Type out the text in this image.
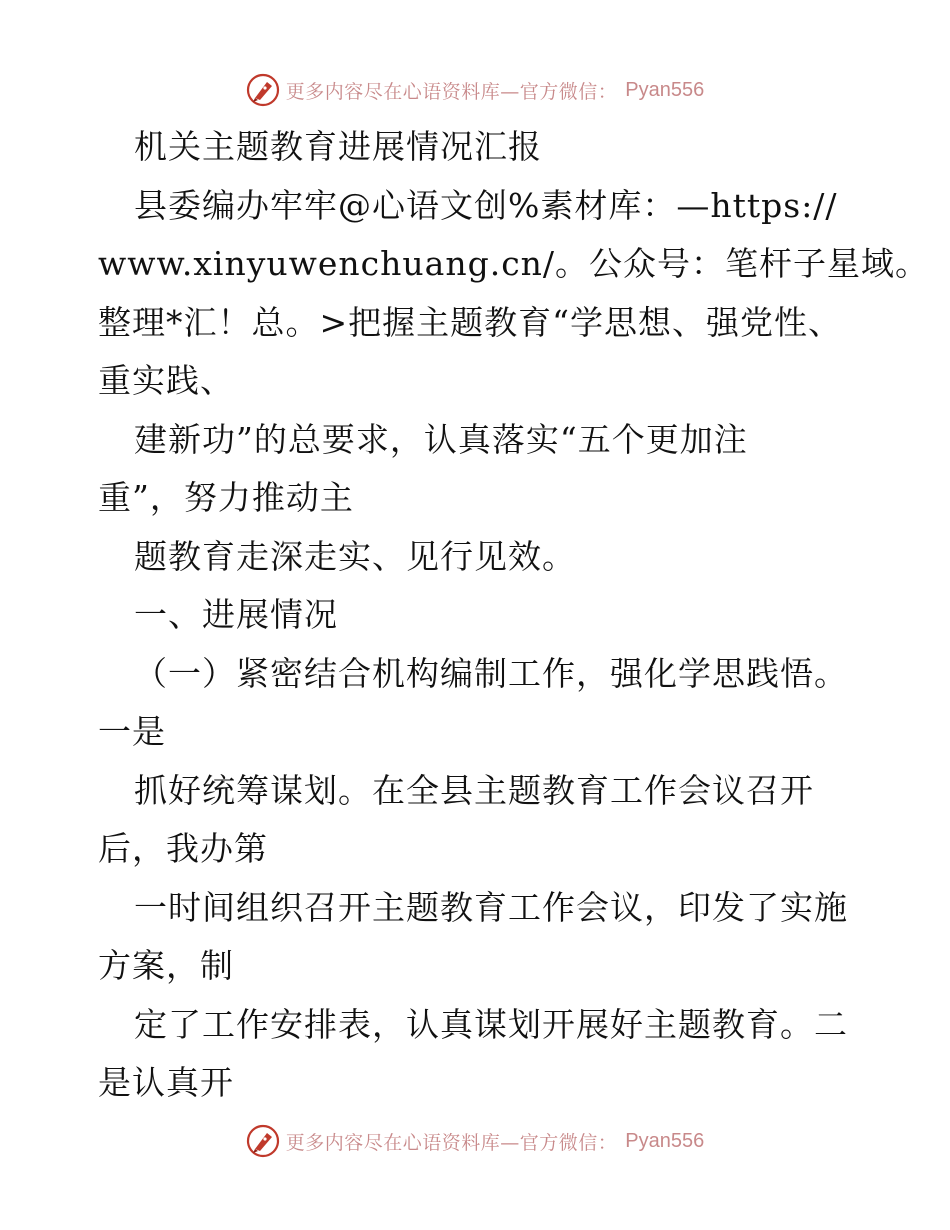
更多内容尽在心语资料库—官方微信： Pyan556
机关主题教育进展情况汇报
县委编办牢牢@心语文创%素材库：—https://
www.xinyuwenchuang.cn/。公众号：笔杆子星域。
整理*汇！总。>把握主题教育“学思想、强党性、
重实践、
建新功”的总要求，认真落实“五个更加注
重”，努力推动主
题教育走深走实、见行见效。
一、进展情况
（一）紧密结合机构编制工作，强化学思践悟。
一是
抓好统筹谋划。在全县主题教育工作会议召开
后，我办第
一时间组织召开主题教育工作会议，印发了实施
方案，制
定了工作安排表，认真谋划开展好主题教育。二
是认真开
更多内容尽在心语资料库—官方微信： Pyan556
